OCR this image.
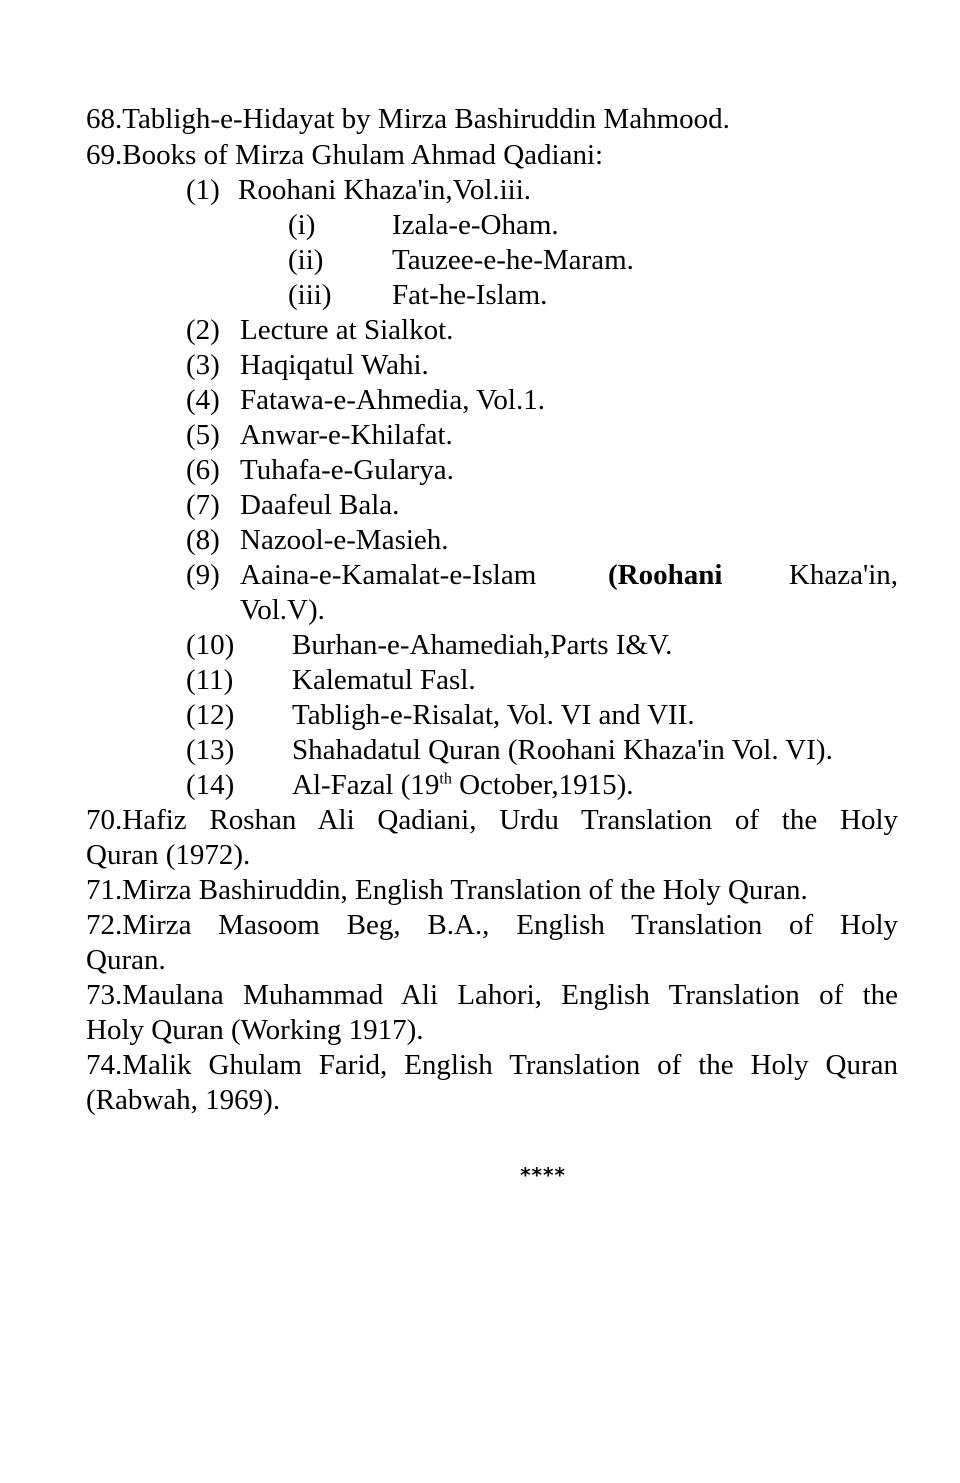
68.Tabligh-e-Hidayat by Mirza Bashiruddin Mahmood.
69.Books of Mirza Ghulam Ahmad Qadiani:
(1) Roohani Khaza'in,Vol.iii.
(i)	Izala-e-Oham.
(ii) Tauzee-e-he-Maram.
(iii) Fat-he-Islam.
(2) Lecture at Sialkot.
(3) Haqiqatul Wahi.
(4) Fatawa-e-Ahmedia, Vol.1.
(5) Anwar-e-Khilafat.
(6) Tuhafa-e-Gularya.
(7) Daafeul Bala.
(8) Nazool-e-Masieh.
(9) Aaina-e-Kamalat-e-Islam (Roohani Khaza'in,
Vol.V).
(10) Burhan-e-Ahamediah,Parts I&V.
(11) Kalematul Fasl.
(12) Tabligh-e-Risalat, Vol. VI and VII.
(13) Shahadatul Quran (Roohani Khaza'in Vol. VI).
(14) Al-Fazal (19th October,1915).
70.Hafiz Roshan Ali Qadiani, Urdu Translation of the Holy
Quran (1972).
71.Mirza Bashiruddin, English Translation of the Holy Quran.
72.Mirza Masoom Beg, B.A., English Translation of Holy
Quran.
73.Maulana Muhammad Ali Lahori, English Translation of the
Holy Quran (Working 1917).
74.Malik Ghulam Farid, English Translation of the Holy Quran
(Rabwah, 1969).
****
